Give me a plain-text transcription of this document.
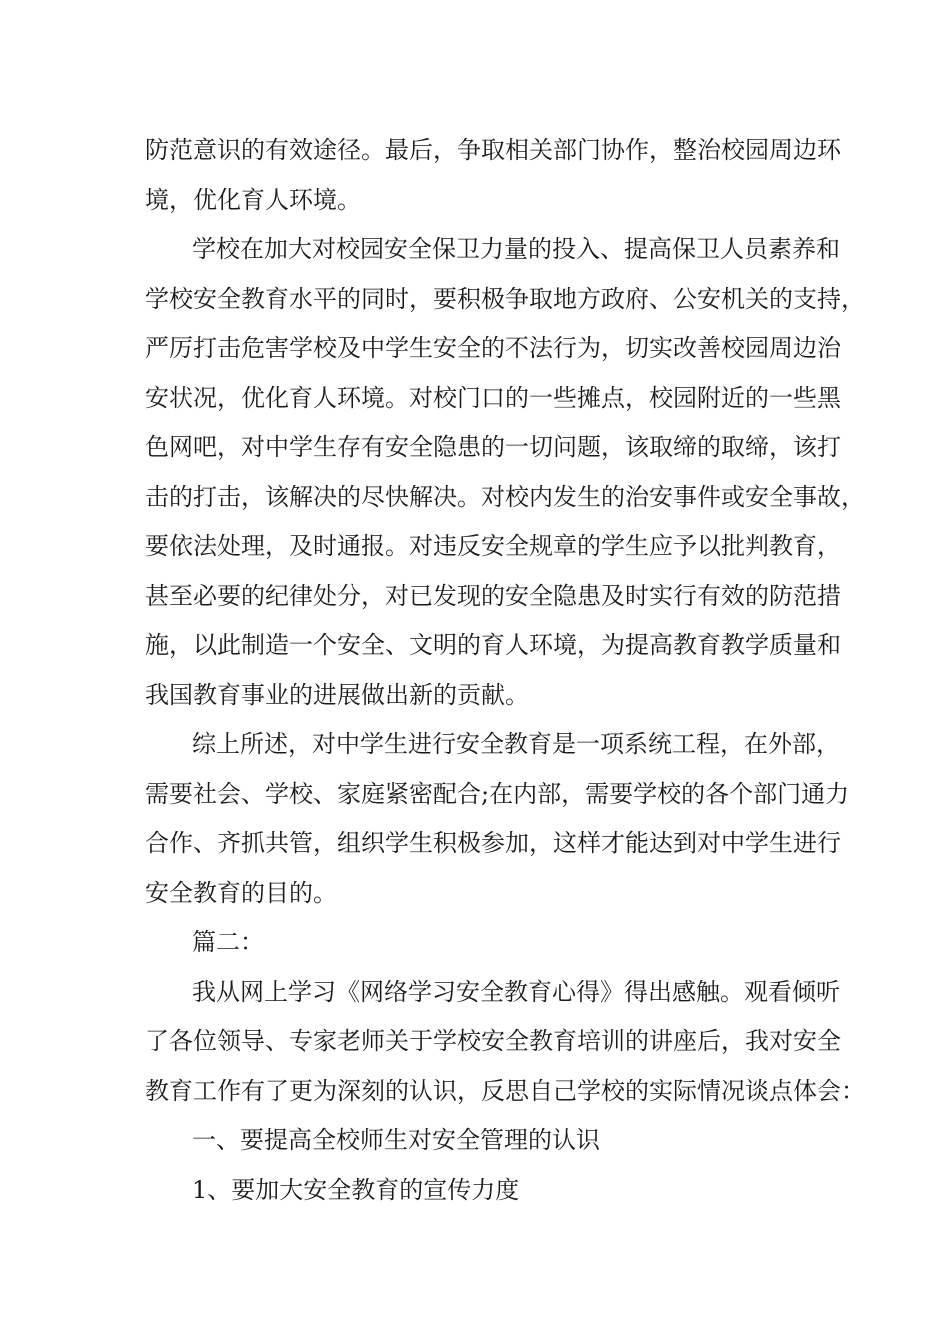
防范意识的有效途径。最后，争取相关部门协作，整治校园周边环
境，优化育人环境。
学校在加大对校园安全保卫力量的投入、提高保卫人员素养和
学校安全教育水平的同时，要积极争取地方政府、公安机关的支持，
严厉打击危害学校及中学生安全的不法行为，切实改善校园周边治
安状况，优化育人环境。对校门口的一些摊点，校园附近的一些黑
色网吧，对中学生存有安全隐患的一切问题，该取缔的取缔，该打
击的打击，该解决的尽快解决。对校内发生的治安事件或安全事故，
要依法处理，及时通报。对违反安全规章的学生应予以批判教育，
甚至必要的纪律处分，对已发现的安全隐患及时实行有效的防范措
施，以此制造一个安全、文明的育人环境，为提高教育教学质量和
我国教育事业的进展做出新的贡献。
综上所述，对中学生进行安全教育是一项系统工程，在外部，
需要社会、学校、家庭紧密配合;在内部，需要学校的各个部门通力
合作、齐抓共管，组织学生积极参加，这样才能达到对中学生进行
安全教育的目的。
篇二：
我从网上学习《网络学习安全教育心得》得出感触。观看倾听
了各位领导、专家老师关于学校安全教育培训的讲座后，我对安全
教育工作有了更为深刻的认识，反思自己学校的实际情况谈点体会：
一、要提高全校师生对安全管理的认识
1、要加大安全教育的宣传力度
